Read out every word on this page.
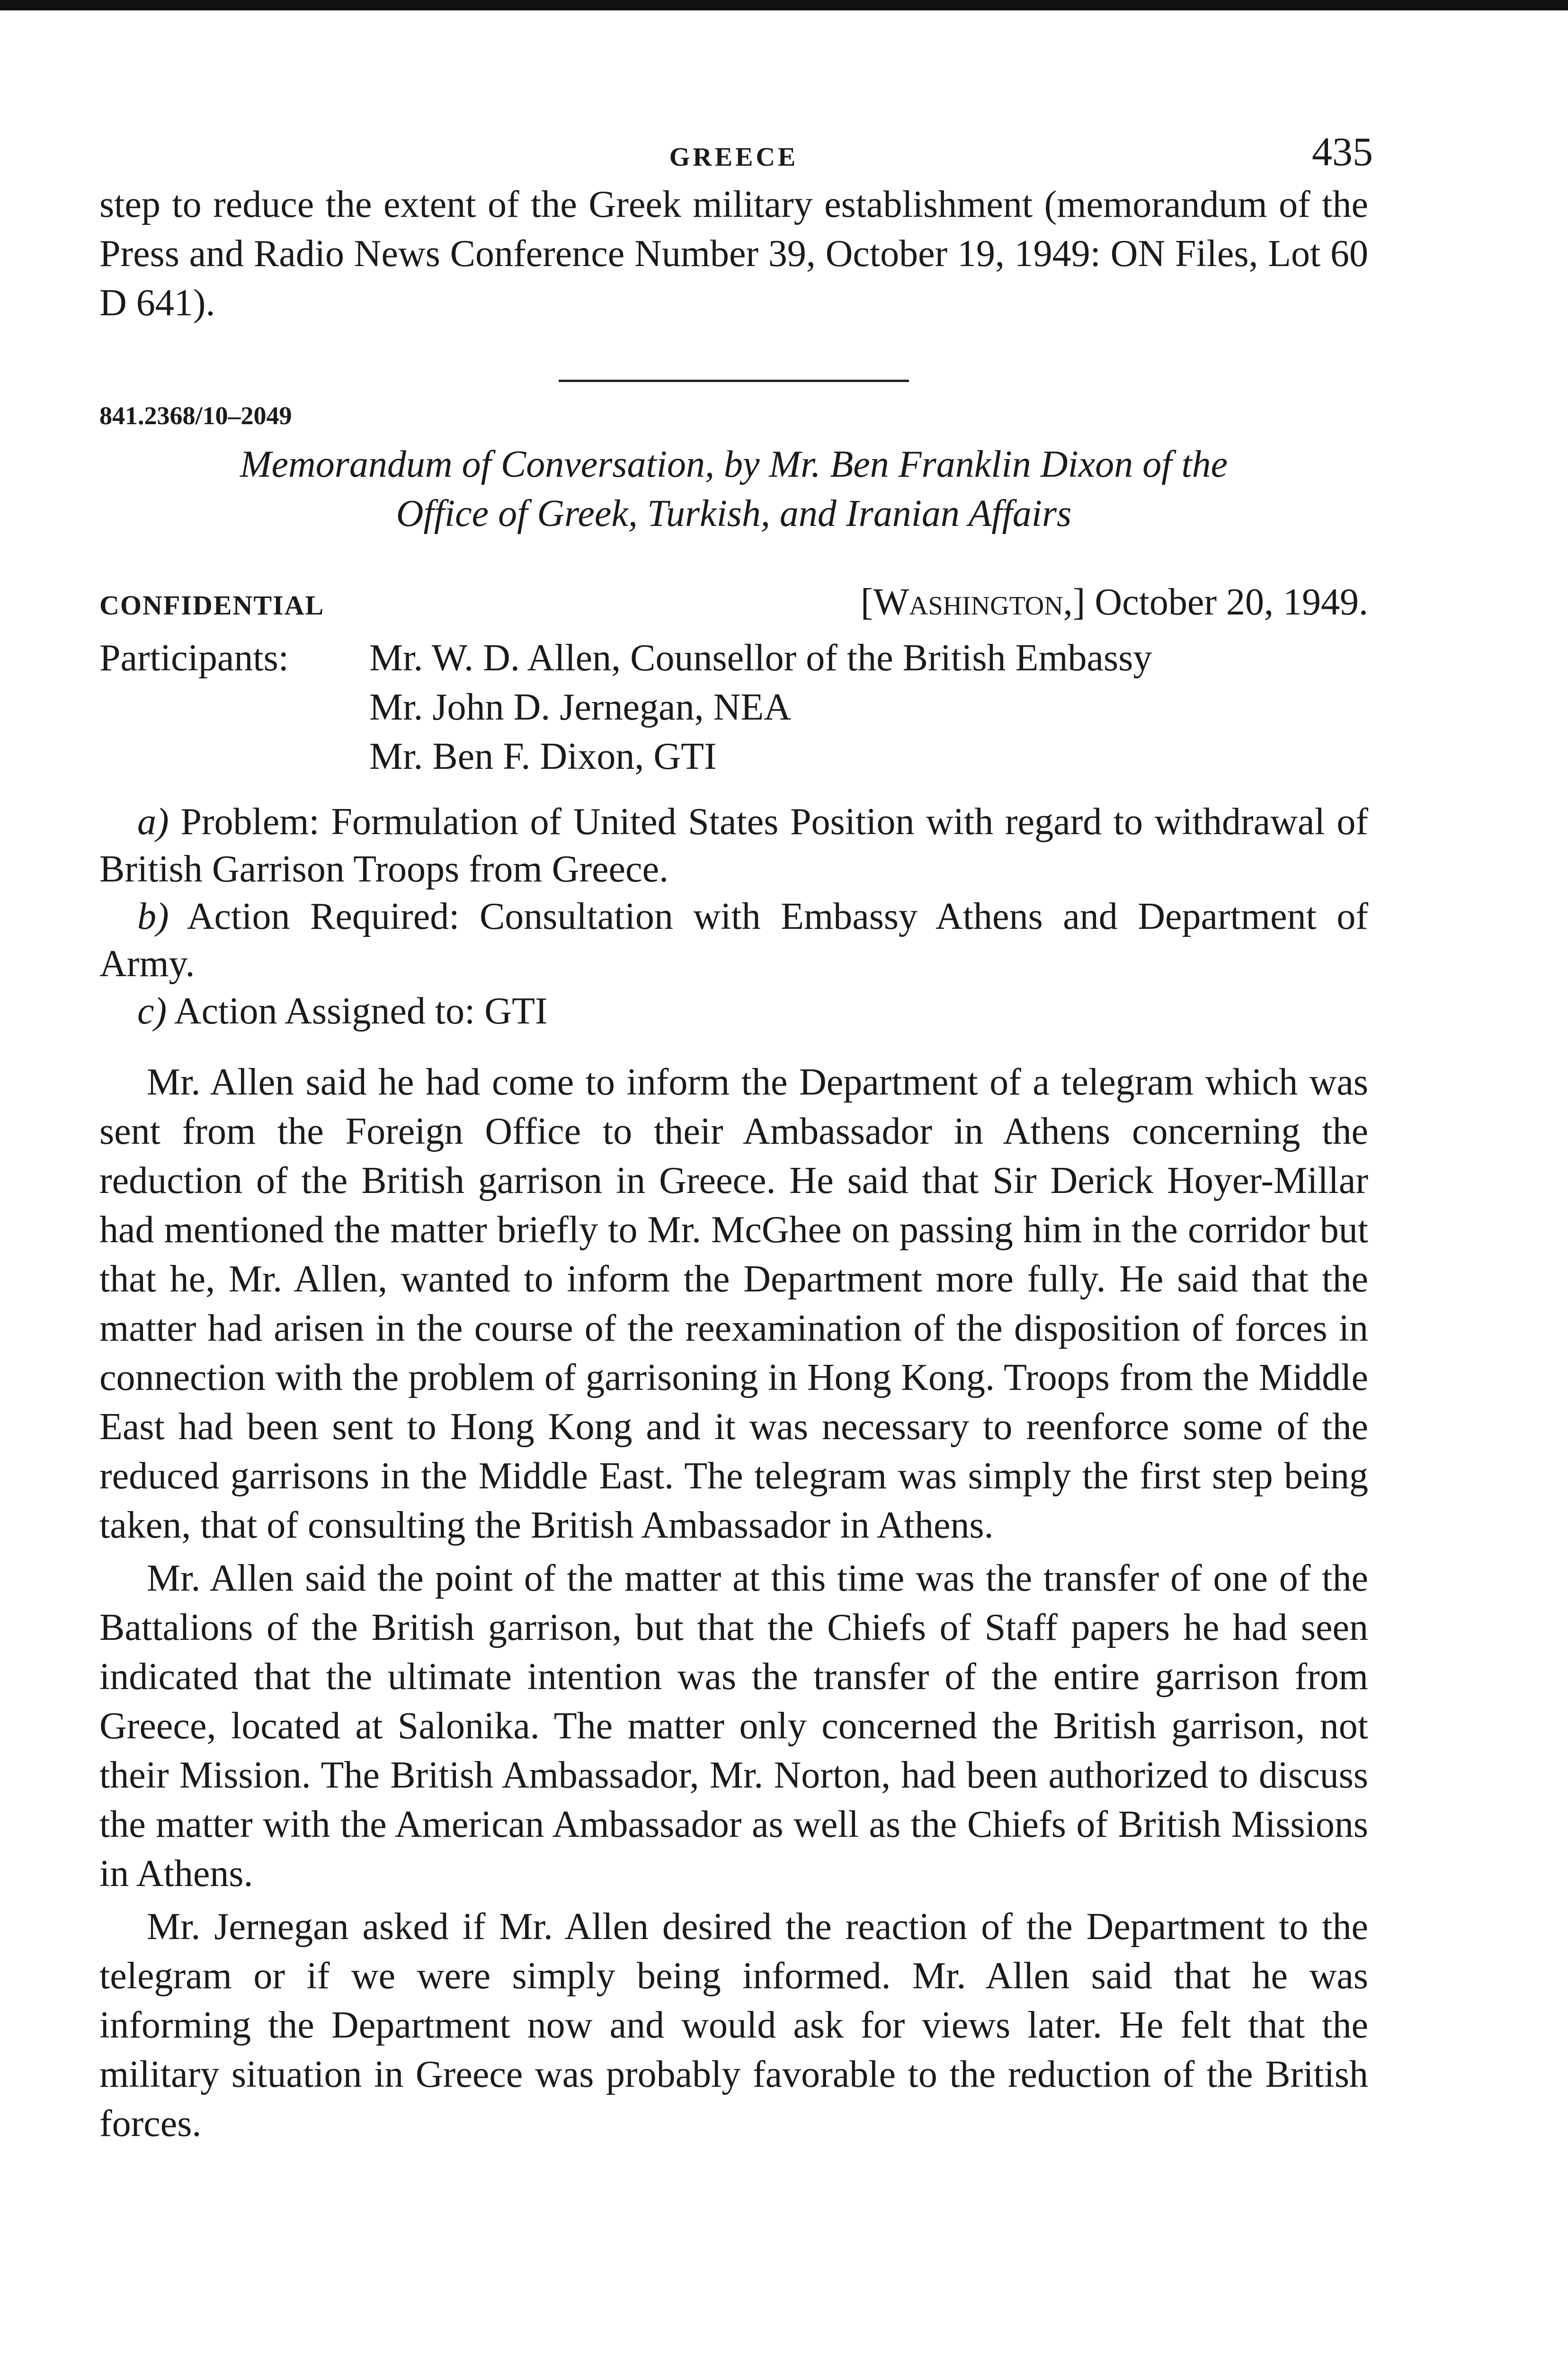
GREECE	435

step to reduce the extent of the Greek military establishment (memorandum of the Press and Radio News Conference Number 39, October 19, 1949: ON Files, Lot 60 D 641).

841.2368/10–2049
Memorandum of Conversation, by Mr. Ben Franklin Dixon of the
Office of Greek, Turkish, and Iranian Affairs
CONFIDENTIAL	[Washington,] October 20, 1949.
Participants:	Mr. W. D. Allen, Counsellor of the British Embassy
Mr. John D. Jernegan, NEA
Mr. Ben F. Dixon, GTI
a) Problem: Formulation of United States Position with regard to withdrawal of British Garrison Troops from Greece.
b) Action Required: Consultation with Embassy Athens and Department of Army.
c) Action Assigned to: GTI

Mr. Allen said he had come to inform the Department of a telegram which was sent from the Foreign Office to their Ambassador in Athens concerning the reduction of the British garrison in Greece. He said that Sir Derick Hoyer-Millar had mentioned the matter briefly to Mr. McGhee on passing him in the corridor but that he, Mr. Allen, wanted to inform the Department more fully. He said that the matter had arisen in the course of the reexamination of the disposition of forces in connection with the problem of garrisoning in Hong Kong. Troops from the Middle East had been sent to Hong Kong and it was necessary to reenforce some of the reduced garrisons in the Middle East. The telegram was simply the first step being taken, that of consulting the British Ambassador in Athens.

Mr. Allen said the point of the matter at this time was the transfer of one of the Battalions of the British garrison, but that the Chiefs of Staff papers he had seen indicated that the ultimate intention was the transfer of the entire garrison from Greece, located at Salonika. The matter only concerned the British garrison, not their Mission. The British Ambassador, Mr. Norton, had been authorized to discuss the matter with the American Ambassador as well as the Chiefs of British Missions in Athens.

Mr. Jernegan asked if Mr. Allen desired the reaction of the Department to the telegram or if we were simply being informed. Mr. Allen said that he was informing the Department now and would ask for views later. He felt that the military situation in Greece was probably favorable to the reduction of the British forces.
